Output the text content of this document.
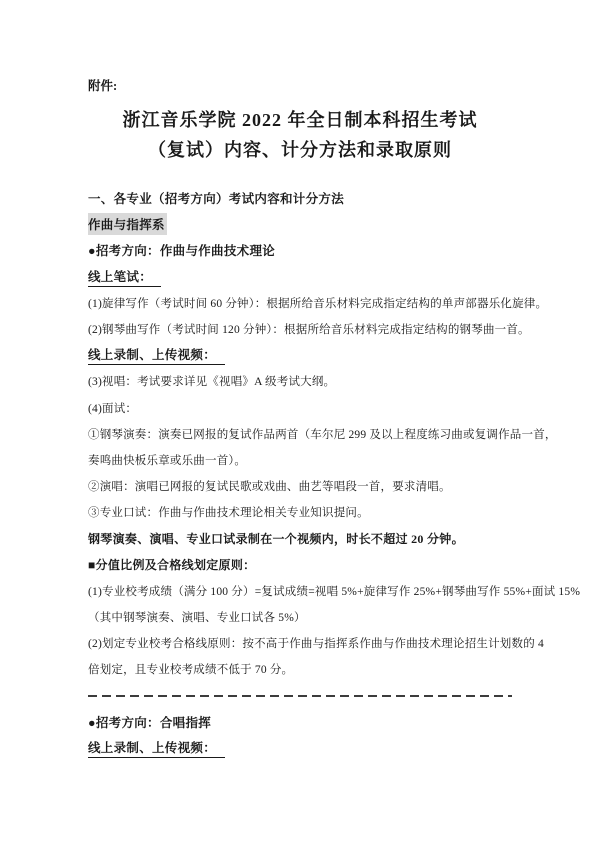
附件:
浙江音乐学院 2022 年全日制本科招生考试
（复试）内容、计分方法和录取原则
一、各专业（招考方向）考试内容和计分方法
作曲与指挥系
●招考方向：作曲与作曲技术理论
线上笔试：
(1)旋律写作（考试时间 60 分钟）：根据所给音乐材料完成指定结构的单声部器乐化旋律。
(2)钢琴曲写作（考试时间 120 分钟）：根据所给音乐材料完成指定结构的钢琴曲一首。
线上录制、上传视频：
(3)视唱：考试要求详见《视唱》A 级考试大纲。
(4)面试：
①钢琴演奏：演奏已网报的复试作品两首（车尔尼 299 及以上程度练习曲或复调作品一首，
奏鸣曲快板乐章或乐曲一首）。
②演唱：演唱已网报的复试民歌或戏曲、曲艺等唱段一首，要求清唱。
③专业口试：作曲与作曲技术理论相关专业知识提问。
钢琴演奏、演唱、专业口试录制在一个视频内，时长不超过 20 分钟。
■分值比例及合格线划定原则：
(1)专业校考成绩（满分 100 分）=复试成绩=视唱 5%+旋律写作 25%+钢琴曲写作 55%+面试 15%
（其中钢琴演奏、演唱、专业口试各 5%）
(2)划定专业校考合格线原则：按不高于作曲与指挥系作曲与作曲技术理论招生计划数的 4
倍划定，且专业校考成绩不低于 70 分。
●招考方向：合唱指挥
线上录制、上传视频：
